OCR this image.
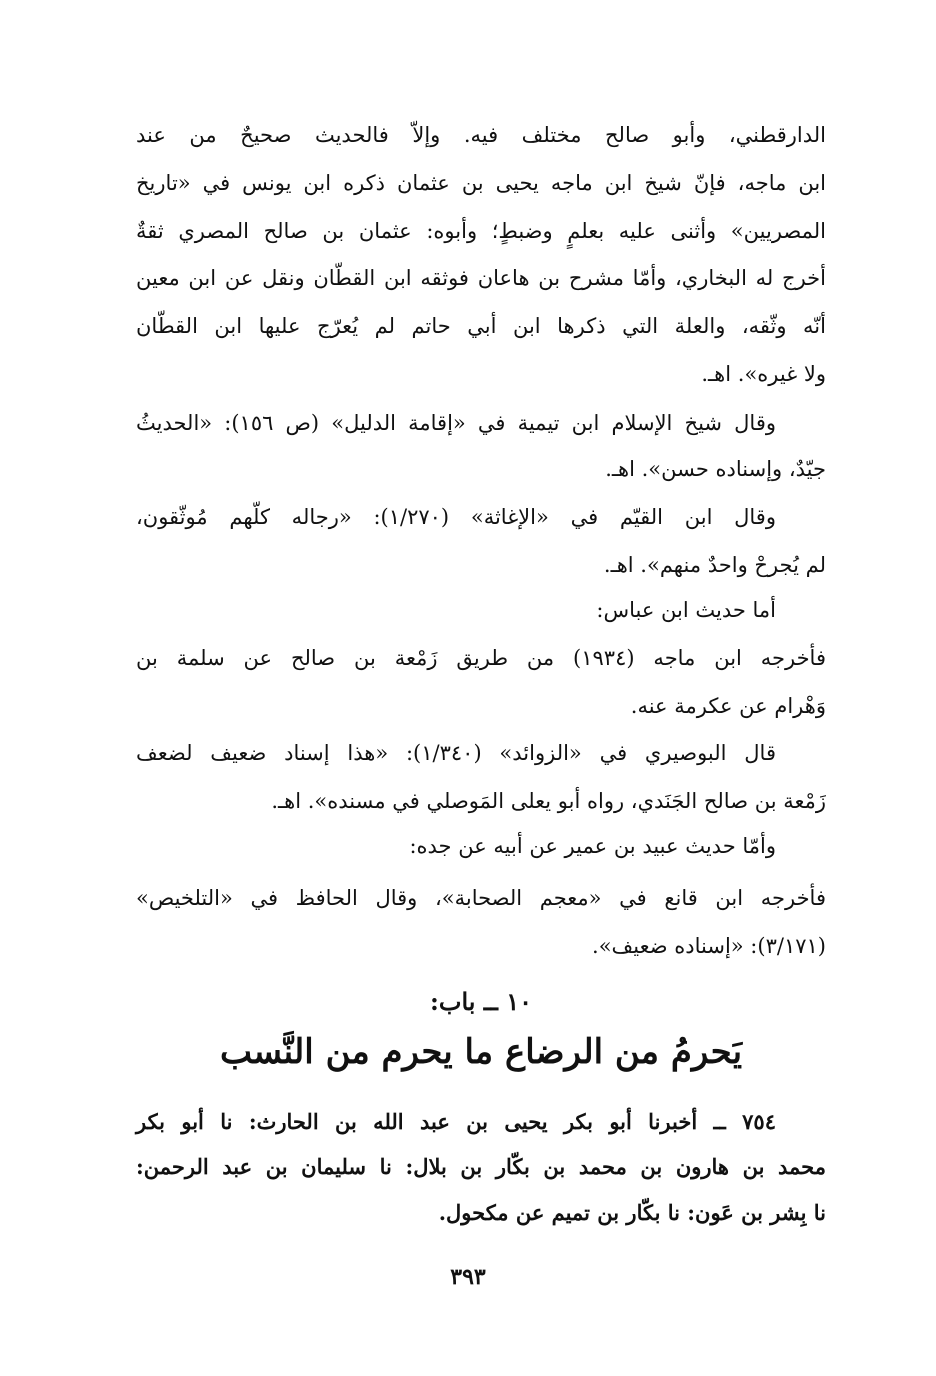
الدارقطني، وأبو صالح مختلف فيه. وإلاّ فالحديث صحيحٌ من عند
ابن ماجه، فإنّ شيخ ابن ماجه يحيى بن عثمان ذكره ابن يونس في «تاريخ
المصريين» وأثنى عليه بعلمٍ وضبطٍ؛ وأبوه: عثمان بن صالح المصري ثقةٌ
أخرج له البخاري، وأمّا مشرح بن هاعان فوثقه ابن القطّان ونقل عن ابن معين
أنّه وثّقه، والعلة التي ذكرها ابن أبي حاتم لم يُعرّج عليها ابن القطّان
ولا غيره». اهـ.
وقال شيخ الإسلام ابن تيمية في «إقامة الدليل» (ص ١٥٦): «الحديثُ
جيّدٌ، وإسناده حسن». اهـ.
وقال ابن القيّم في «الإغاثة» (١/٢٧٠): «رجاله كلّهم مُوثّقون،
لم يُجرحْ واحدٌ منهم». اهـ.
أما حديث ابن عباس:
فأخرجه ابن ماجه (١٩٣٤) من طريق زَمْعة بن صالح عن سلمة بن
وَهْرام عن عكرمة عنه.
قال البوصيري في «الزوائد» (١/٣٤٠): «هذا إسناد ضعيف لضعف
زَمْعة بن صالح الجَنَدي، رواه أبو يعلى المَوصلي في مسنده». اهـ.
وأمّا حديث عبيد بن عمير عن أبيه عن جده:
فأخرجه ابن قانع في «معجم الصحابة»، وقال الحافظ في «التلخيص»
(٣/١٧١): «إسناده ضعيف».
١٠ ــ باب:
يَحرمُ من الرضاع ما يحرم من النَّسب
٧٥٤ ــ أخبرنا أبو بكر يحيى بن عبد الله بن الحارث: نا أبو بكر
محمد بن هارون بن محمد بن بكّار بن بلال: نا سليمان بن عبد الرحمن:
نا بِشر بن عَون: نا بكّار بن تميم عن مكحول.
٣٩٣
